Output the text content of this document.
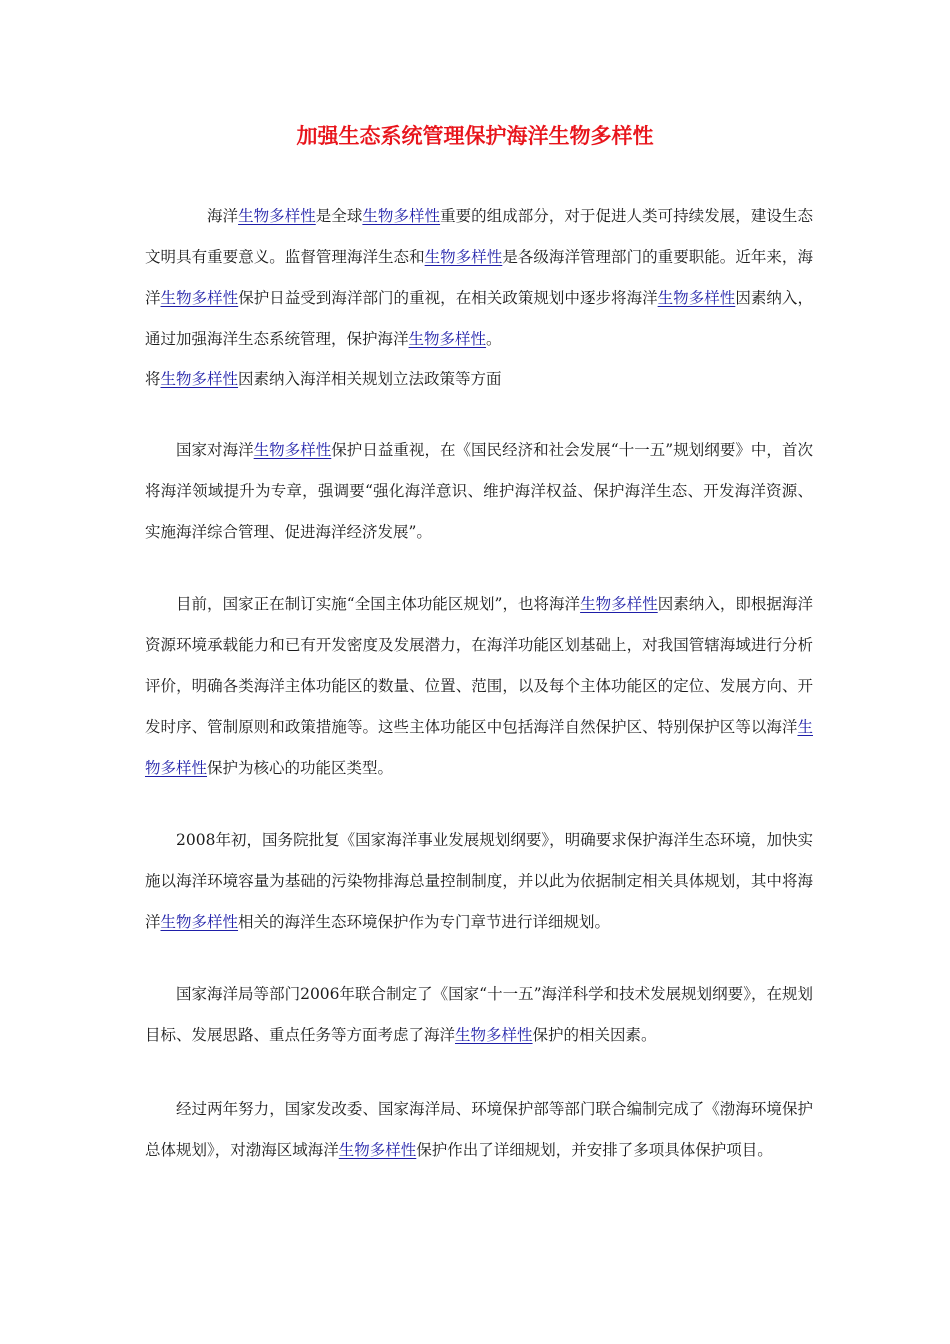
加强生态系统管理保护海洋生物多样性

海洋生物多样性是全球生物多样性重要的组成部分，对于促进人类可持续发展，建设生态文明具有重要意义。监督管理海洋生态和生物多样性是各级海洋管理部门的重要职能。近年来，海洋生物多样性保护日益受到海洋部门的重视，在相关政策规划中逐步将海洋生物多样性因素纳入，通过加强海洋生态系统管理，保护海洋生物多样性。

将生物多样性因素纳入海洋相关规划立法政策等方面

国家对海洋生物多样性保护日益重视，在《国民经济和社会发展“十一五”规划纲要》中，首次将海洋领域提升为专章，强调要“强化海洋意识、维护海洋权益、保护海洋生态、开发海洋资源、实施海洋综合管理、促进海洋经济发展”。

目前，国家正在制订实施“全国主体功能区规划”，也将海洋生物多样性因素纳入，即根据海洋资源环境承载能力和已有开发密度及发展潜力，在海洋功能区划基础上，对我国管辖海域进行分析评价，明确各类海洋主体功能区的数量、位置、范围，以及每个主体功能区的定位、发展方向、开发时序、管制原则和政策措施等。这些主体功能区中包括海洋自然保护区、特别保护区等以海洋生物多样性保护为核心的功能区类型。

2008年初，国务院批复《国家海洋事业发展规划纲要》，明确要求保护海洋生态环境，加快实施以海洋环境容量为基础的污染物排海总量控制制度，并以此为依据制定相关具体规划，其中将海洋生物多样性相关的海洋生态环境保护作为专门章节进行详细规划。

国家海洋局等部门2006年联合制定了《国家“十一五”海洋科学和技术发展规划纲要》，在规划目标、发展思路、重点任务等方面考虑了海洋生物多样性保护的相关因素。

经过两年努力，国家发改委、国家海洋局、环境保护部等部门联合编制完成了《渤海环境保护总体规划》，对渤海区域海洋生物多样性保护作出了详细规划，并安排了多项具体保护项目。
